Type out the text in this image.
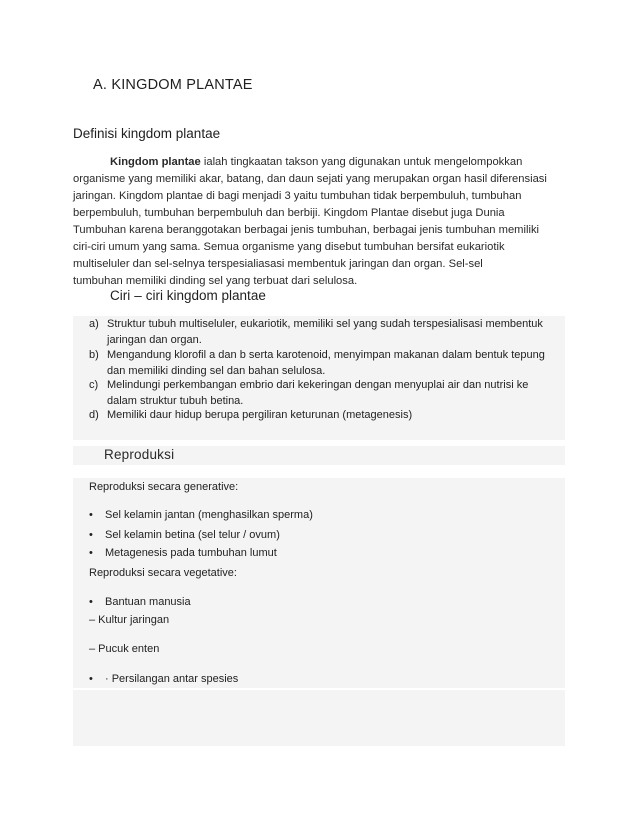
A. KINGDOM PLANTAE
Definisi kingdom plantae

Kingdom plantae ialah tingkaatan takson yang digunakan untuk mengelompokkan

organisme yang memiliki akar, batang, dan daun sejati yang merupakan organ hasil diferensiasi

jaringan. Kingdom plantae di bagi menjadi 3 yaitu tumbuhan tidak berpembuluh, tumbuhan

berpembuluh, tumbuhan berpembuluh dan berbiji. Kingdom Plantae disebut juga Dunia

Tumbuhan karena beranggotakan berbagai jenis tumbuhan, berbagai jenis tumbuhan memiliki

ciri-ciri umum yang sama. Semua organisme yang disebut tumbuhan bersifat eukariotik

multiseluler dan sel-selnya terspesialiasasi membentuk jaringan dan organ. Sel-sel

tumbuhan memiliki dinding sel yang terbuat dari selulosa.

Ciri – ciri kingdom plantae
a) Struktur tubuh multiseluler, eukariotik, memiliki sel yang sudah terspesialisasi membentuk jaringan dan organ.
b) Mengandung klorofil a dan b serta karotenoid, menyimpan makanan dalam bentuk tepung dan memiliki dinding sel dan bahan selulosa.
c) Melindungi perkembangan embrio dari kekeringan dengan menyuplai air dan nutrisi ke dalam struktur tubuh betina.
d) Memiliki daur hidup berupa pergiliran keturunan (metagenesis)
Reproduksi
Reproduksi secara generative:
• Sel kelamin jantan (menghasilkan sperma)
• Sel kelamin betina (sel telur / ovum)
• Metagenesis pada tumbuhan lumut
Reproduksi secara vegetative:
• Bantuan manusia
– Kultur jaringan
– Pucuk enten
• · Persilangan antar spesies
